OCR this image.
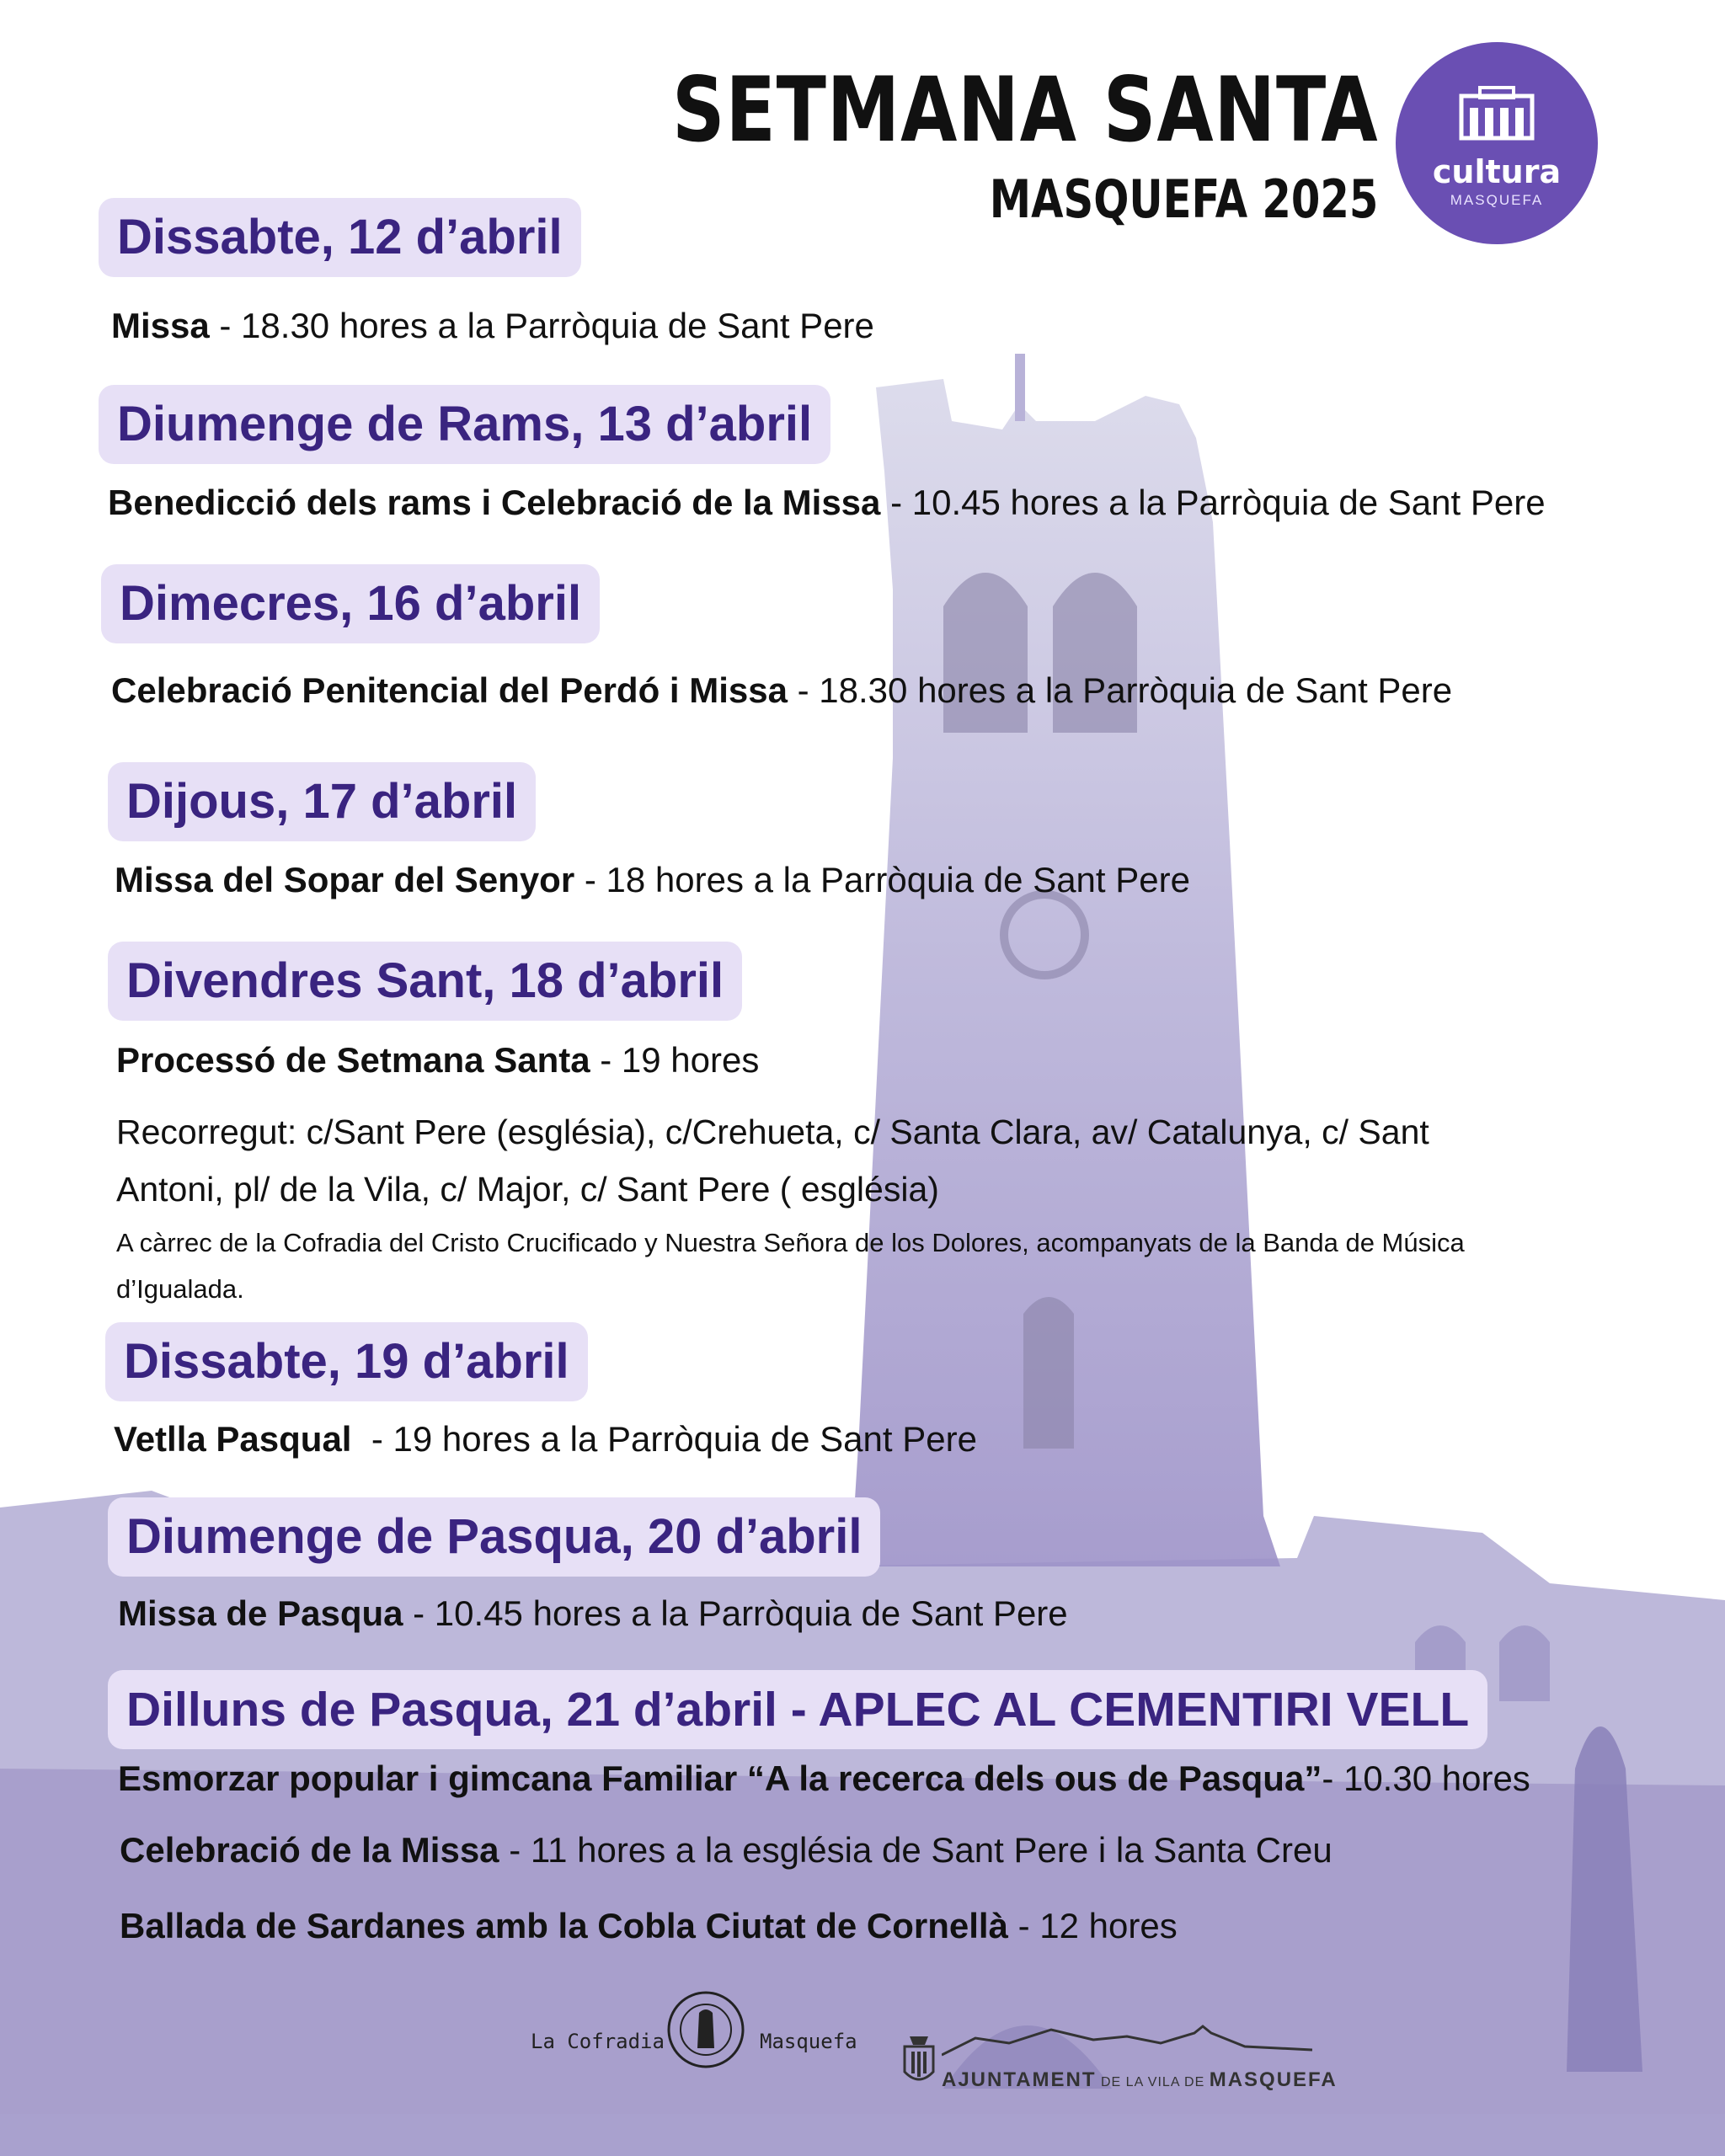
SETMANA SANTA
MASQUEFA 2025	cultura
MASQUEFA
Dissabte, 12 d’abril
Missa - 18.30 hores a la Parròquia de Sant Pere
Diumenge de Rams, 13 d’abril
Benedicció dels rams i Celebració de la Missa - 10.45 hores a la Parròquia de Sant Pere
Dimecres, 16 d’abril
Celebració Penitencial del Perdó i Missa - 18.30 hores a la Parròquia de Sant Pere
Dijous, 17 d’abril
Missa del Sopar del Senyor - 18 hores a la Parròquia de Sant Pere
Divendres Sant, 18 d’abril
Processó de Setmana Santa - 19 hores
Recorregut: c/Sant Pere (església), c/Crehueta, c/ Santa Clara, av/ Catalunya, c/ Sant
Antoni, pl/ de la Vila, c/ Major, c/ Sant Pere ( església)
A càrrec de la Cofradia del Cristo Crucificado y Nuestra Señora de los Dolores, acompanyats de la Banda de Música d’Igualada.
Dissabte, 19 d’abril
Vetlla Pasqual  - 19 hores a la Parròquia de Sant Pere
Diumenge de Pasqua, 20 d’abril
Missa de Pasqua - 10.45 hores a la Parròquia de Sant Pere
Dilluns de Pasqua, 21 d’abril - APLEC AL CEMENTIRI VELL
Esmorzar popular i gimcana Familiar “A la recerca dels ous de Pasqua”- 10.30 hores
Celebració de la Missa - 11 hores a la església de Sant Pere i la Santa Creu
Ballada de Sardanes amb la Cobla Ciutat de Cornellà - 12 hores
La Cofradia	Masquefa
AJUNTAMENT DE LA VILA DE MASQUEFA
